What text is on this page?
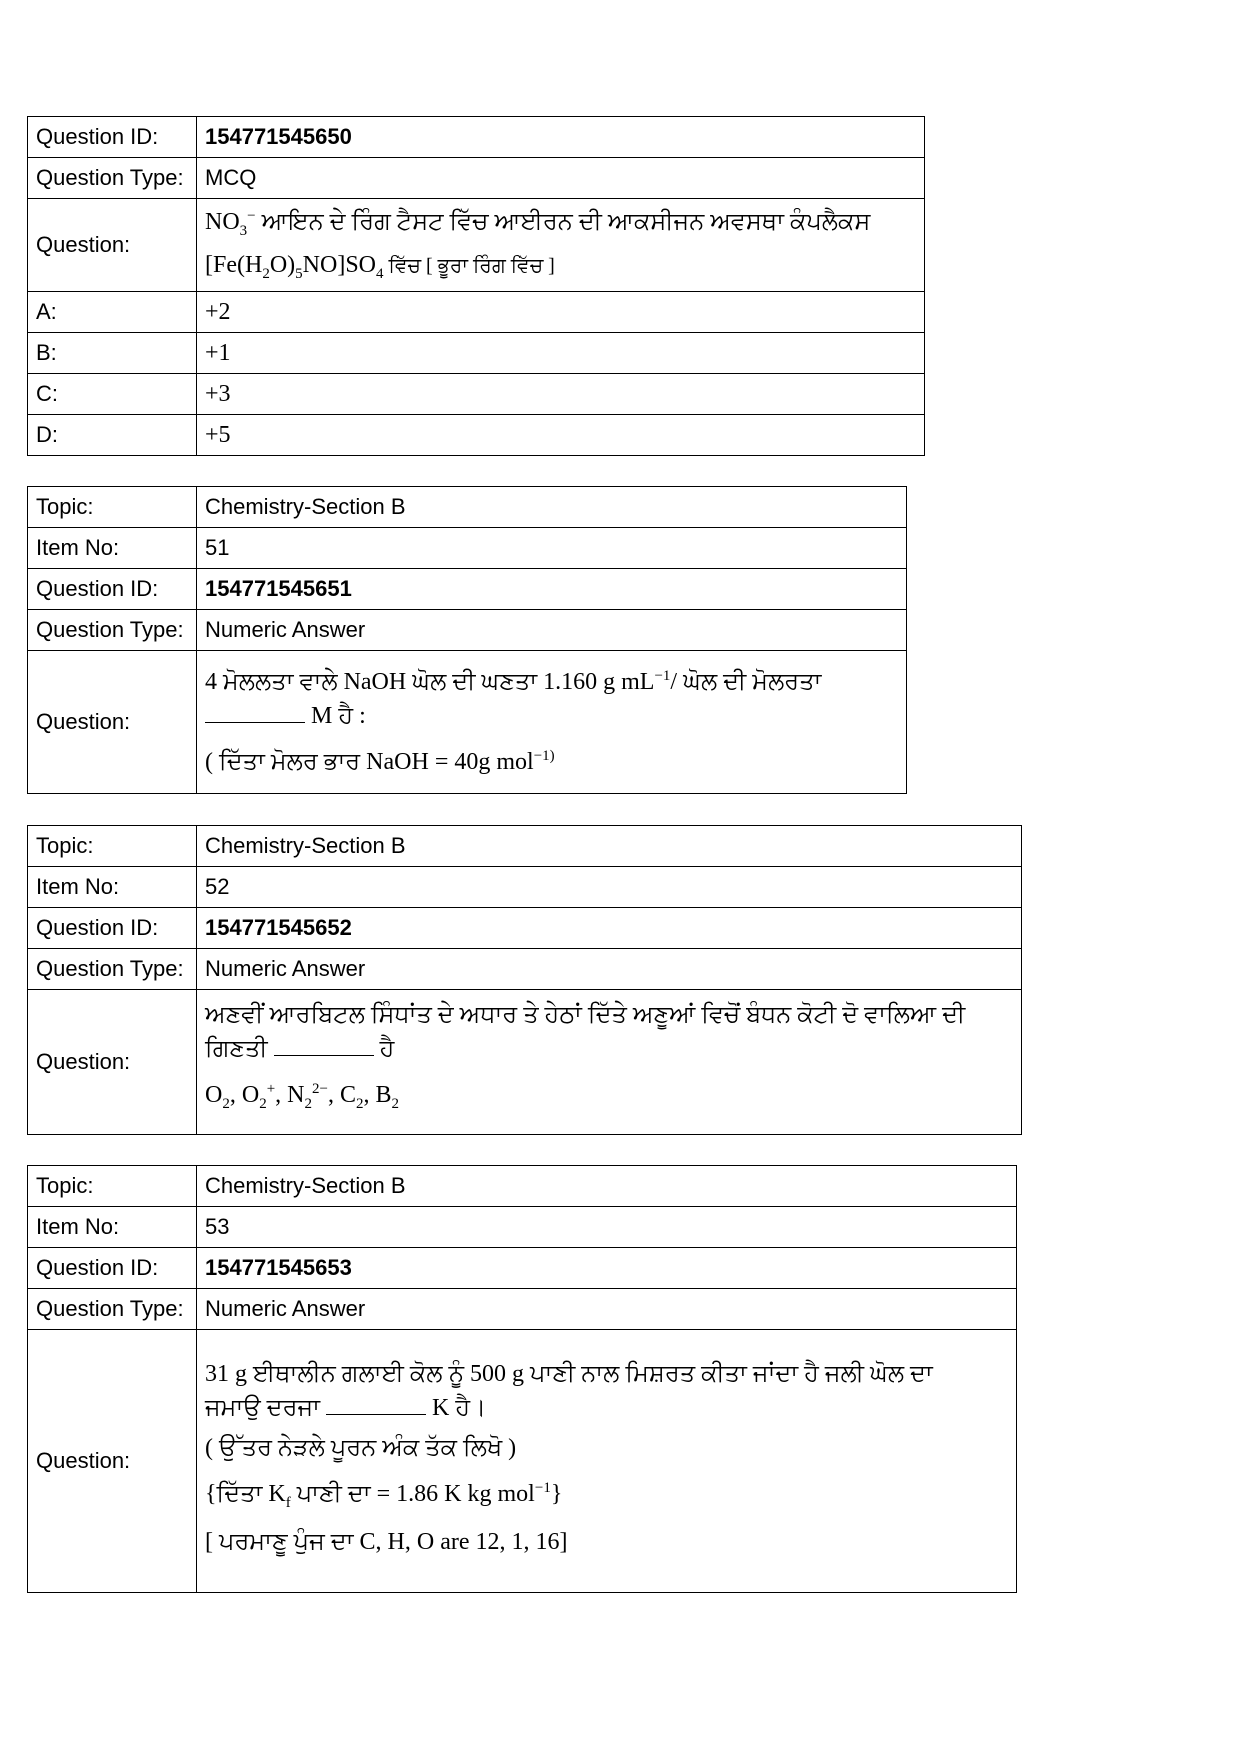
Question ID:	154771545650
Question Type:	MCQ
Question:	$NO_3^-$ ਆਇਨ ਦੇ ਰਿੰਗ ਟੈਸਟ ਵਿੱਚ ਆਈਰਨ ਦੀ ਆਕਸੀਜਨ ਅਵਸਥਾ ਕੰਪਲੈਕਸ
$[Fe(H_2O)_5NO]SO_4$ ਵਿੱਚ [ ਭੂਰਾ ਰਿੰਗ ਵਿੱਚ ]

A:	+2
B:	+1
C:	+3
D:	+5
Topic:	Chemistry-Section B
Item No:	51
Question ID:	154771545651
Question Type:	Numeric Answer
Question:	4 ਮੋਲਲਤਾ ਵਾਲੇ NaOH ਘੋਲ ਦੀ ਘਣਤਾ 1.160 g $mL^{-1}/$ ਘੋਲ ਦੀ ਮੋਲਰਤਾ
M ਹੈ :

( ਦਿੱਤਾ ਮੋਲਰ ਭਾਰ NaOH = 40g mol$^{-1)}$

Topic:	Chemistry-Section B
Item No:	52
Question ID:	154771545652
Question Type:	Numeric Answer
Question:	ਅਣਵੀਂ ਆਰਬਿਟਲ ਸਿੰਧਾਂਤ ਦੇ ਅਧਾਰ ਤੇ ਹੇਠਾਂ ਦਿੱਤੇ ਅਣੂਆਂ ਵਿਚੋਂ ਬੰਧਨ ਕੋਟੀ ਦੋ ਵਾਲਿਆ ਦੀ
ਗਿਣਤੀ ਹੈ

$O_2$, $O_2^+$, $N_2^{2-}$, $C_2$, $B_2$

Topic:	Chemistry-Section B
Item No:	53
Question ID:	154771545653
Question Type:	Numeric Answer
Question:	31 g ਈਥਾਲੀਨ ਗਲਾਈ ਕੋਲ ਨੂੰ 500 g ਪਾਣੀ ਨਾਲ ਮਿਸ਼ਰਤ ਕੀਤਾ ਜਾਂਦਾ ਹੈ ਜਲੀ ਘੋਲ ਦਾ
ਜਮਾਉ ਦਰਜਾ K ਹੈ।

( ਉੱਤਰ ਨੇੜਲੇ ਪੂਰਨ ਅੰਕ ਤੱਕ ਲਿਖੋ )

{ਦਿੱਤਾ $K_f$ ਪਾਣੀ ਦਾ = 1.86 K kg mol$^{-1}$}

[ ਪਰਮਾਣੂ ਪੁੰਜ ਦਾ C, H, O are 12, 1, 16]
